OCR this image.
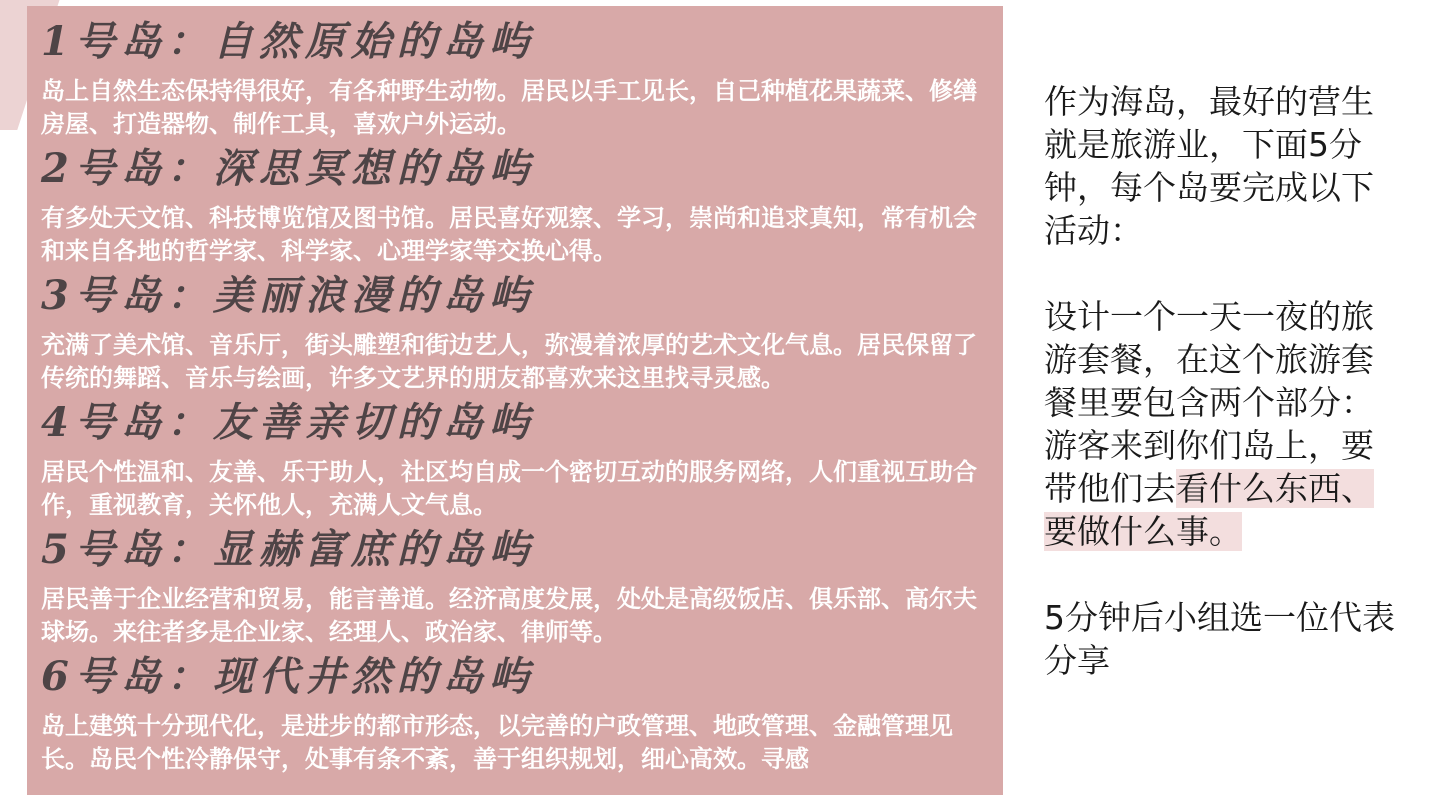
1号岛：自然原始的岛屿
岛上自然生态保持得很好，有各种野生动物。居民以手工见长，自己种植花果蔬菜、修缮房屋、打造器物、制作工具，喜欢户外运动。
2号岛：深思冥想的岛屿
有多处天文馆、科技博览馆及图书馆。居民喜好观察、学习，崇尚和追求真知，常有机会和来自各地的哲学家、科学家、心理学家等交换心得。
3号岛：美丽浪漫的岛屿
充满了美术馆、音乐厅，街头雕塑和街边艺人，弥漫着浓厚的艺术文化气息。居民保留了传统的舞蹈、音乐与绘画，许多文艺界的朋友都喜欢来这里找寻灵感。
4号岛：友善亲切的岛屿
居民个性温和、友善、乐于助人，社区均自成一个密切互动的服务网络，人们重视互助合作，重视教育，关怀他人，充满人文气息。
5号岛：显赫富庶的岛屿
居民善于企业经营和贸易，能言善道。经济高度发展，处处是高级饭店、俱乐部、高尔夫球场。来往者多是企业家、经理人、政治家、律师等。
6号岛：现代井然的岛屿
岛上建筑十分现代化，是进步的都市形态，以完善的户政管理、地政管理、金融管理见长。岛民个性冷静保守，处事有条不紊，善于组织规划，细心高效。寻感

作为海岛，最好的营生就是旅游业，下面5分钟，每个岛要完成以下活动：

设计一个一天一夜的旅游套餐，在这个旅游套餐里要包含两个部分：游客来到你们岛上，要带他们去看什么东西、要做什么事。

5分钟后小组选一位代表分享
